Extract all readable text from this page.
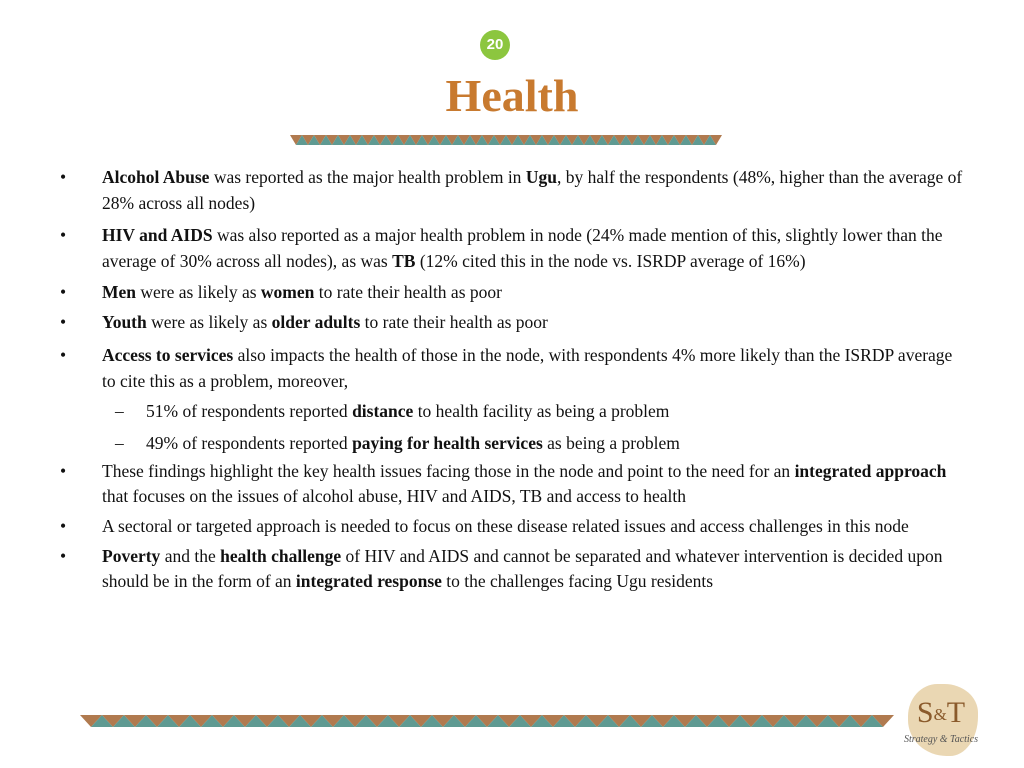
20
Health
• Alcohol Abuse was reported as the major health problem in Ugu, by half the respondents (48%, higher than the average of 28% across all nodes)
• HIV and AIDS was also reported as a major health problem in node (24% made mention of this, slightly lower than the average of 30% across all nodes), as was TB (12% cited this in the node vs. ISRDP average of 16%)
• Men were as likely as women to rate their health as poor
• Youth were as likely as older adults to rate their health as poor
• Access to services also impacts the health of those in the node, with respondents 4% more likely than the ISRDP average to cite this as a problem, moreover,
– 51% of respondents reported distance to health facility as being a problem
– 49% of respondents reported paying for health services as being a problem
• These findings highlight the key health issues facing those in the node and point to the need for an integrated approach that focuses on the issues of alcohol abuse, HIV and AIDS, TB and access to health
• A sectoral or targeted approach is needed to focus on these disease related issues and access challenges in this node
• Poverty and the health challenge of HIV and AIDS and cannot be separated and whatever intervention is decided upon should be in the form of an integrated response to the challenges facing Ugu residents
S&T
Strategy & Tactics
